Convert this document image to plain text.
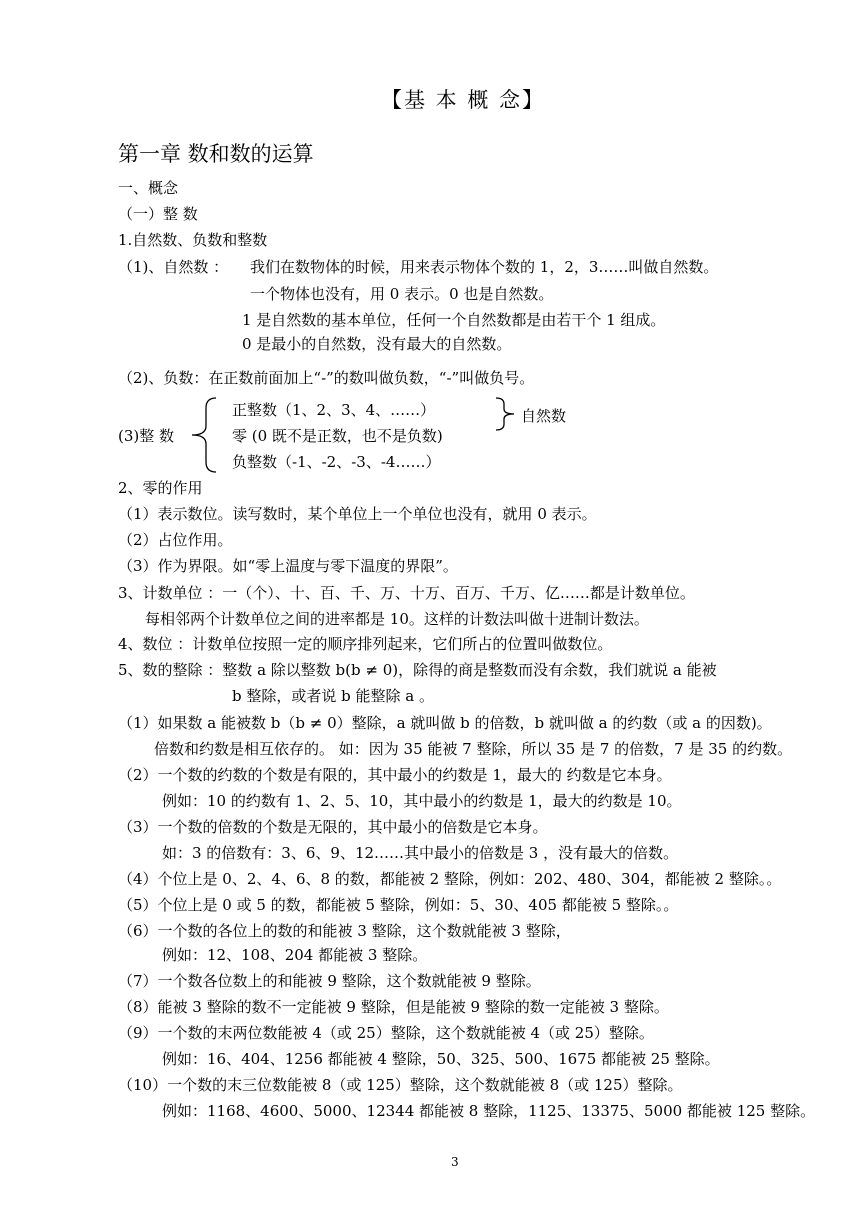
【基 本 概 念】
第一章 数和数的运算
一、概念
（一）整 数
1.自然数、负数和整数
（1)、自然数 ： 我们在数物体的时候，用来表示物体个数的 1，2，3……叫做自然数。
一个物体也没有，用 0 表示。0 也是自然数。
1 是自然数的基本单位，任何一个自然数都是由若干个 1 组成。
0 是最小的自然数，没有最大的自然数。
（2)、负数：在正数前面加上“-”的数叫做负数，“-”叫做负号。
(3)整 数
正整数（1、2、3、4、……）
零 (0 既不是正数，也不是负数)
负整数（-1、-2、-3、-4……）
自然数
2、零的作用
（1）表示数位。读写数时，某个单位上一个单位也没有，就用 0 表示。
（2）占位作用。
（3）作为界限。如“零上温度与零下温度的界限”。
3、计数单位 ：一（个）、十、百、千、万、十万、百万、千万、亿……都是计数单位。
每相邻两个计数单位之间的进率都是 10。这样的计数法叫做十进制计数法。
4、数位 ：计数单位按照一定的顺序排列起来，它们所占的位置叫做数位。
5、数的整除 ：整数 a 除以整数 b(b ≠ 0)，除得的商是整数而没有余数，我们就说 a 能被
b 整除，或者说 b 能整除 a 。
（1）如果数 a 能被数 b（b ≠ 0）整除，a 就叫做 b 的倍数，b 就叫做 a 的约数（或 a 的因数)。
倍数和约数是相互依存的。 如：因为 35 能被 7 整除，所以 35 是 7 的倍数，7 是 35 的约数。
（2）一个数的约数的个数是有限的，其中最小的约数是 1，最大的 约数是它本身。
例如：10 的约数有 1、2、5、10，其中最小的约数是 1，最大的约数是 10。
（3）一个数的倍数的个数是无限的，其中最小的倍数是它本身。
如：3 的倍数有：3、6、9、12……其中最小的倍数是 3 ，没有最大的倍数。
（4）个位上是 0、2、4、6、8 的数，都能被 2 整除，例如：202、480、304，都能被 2 整除。。
（5）个位上是 0 或 5 的数，都能被 5 整除，例如：5、30、405 都能被 5 整除。。
（6）一个数的各位上的数的和能被 3 整除，这个数就能被 3 整除，
例如：12、108、204 都能被 3 整除。
（7）一个数各位数上的和能被 9 整除，这个数就能被 9 整除。
（8）能被 3 整除的数不一定能被 9 整除，但是能被 9 整除的数一定能被 3 整除。
（9）一个数的末两位数能被 4（或 25）整除，这个数就能被 4（或 25）整除。
例如：16、404、1256 都能被 4 整除，50、325、500、1675 都能被 25 整除。
（10）一个数的末三位数能被 8（或 125）整除，这个数就能被 8（或 125）整除。
例如：1168、4600、5000、12344 都能被 8 整除，1125、13375、5000 都能被 125 整除。
3
